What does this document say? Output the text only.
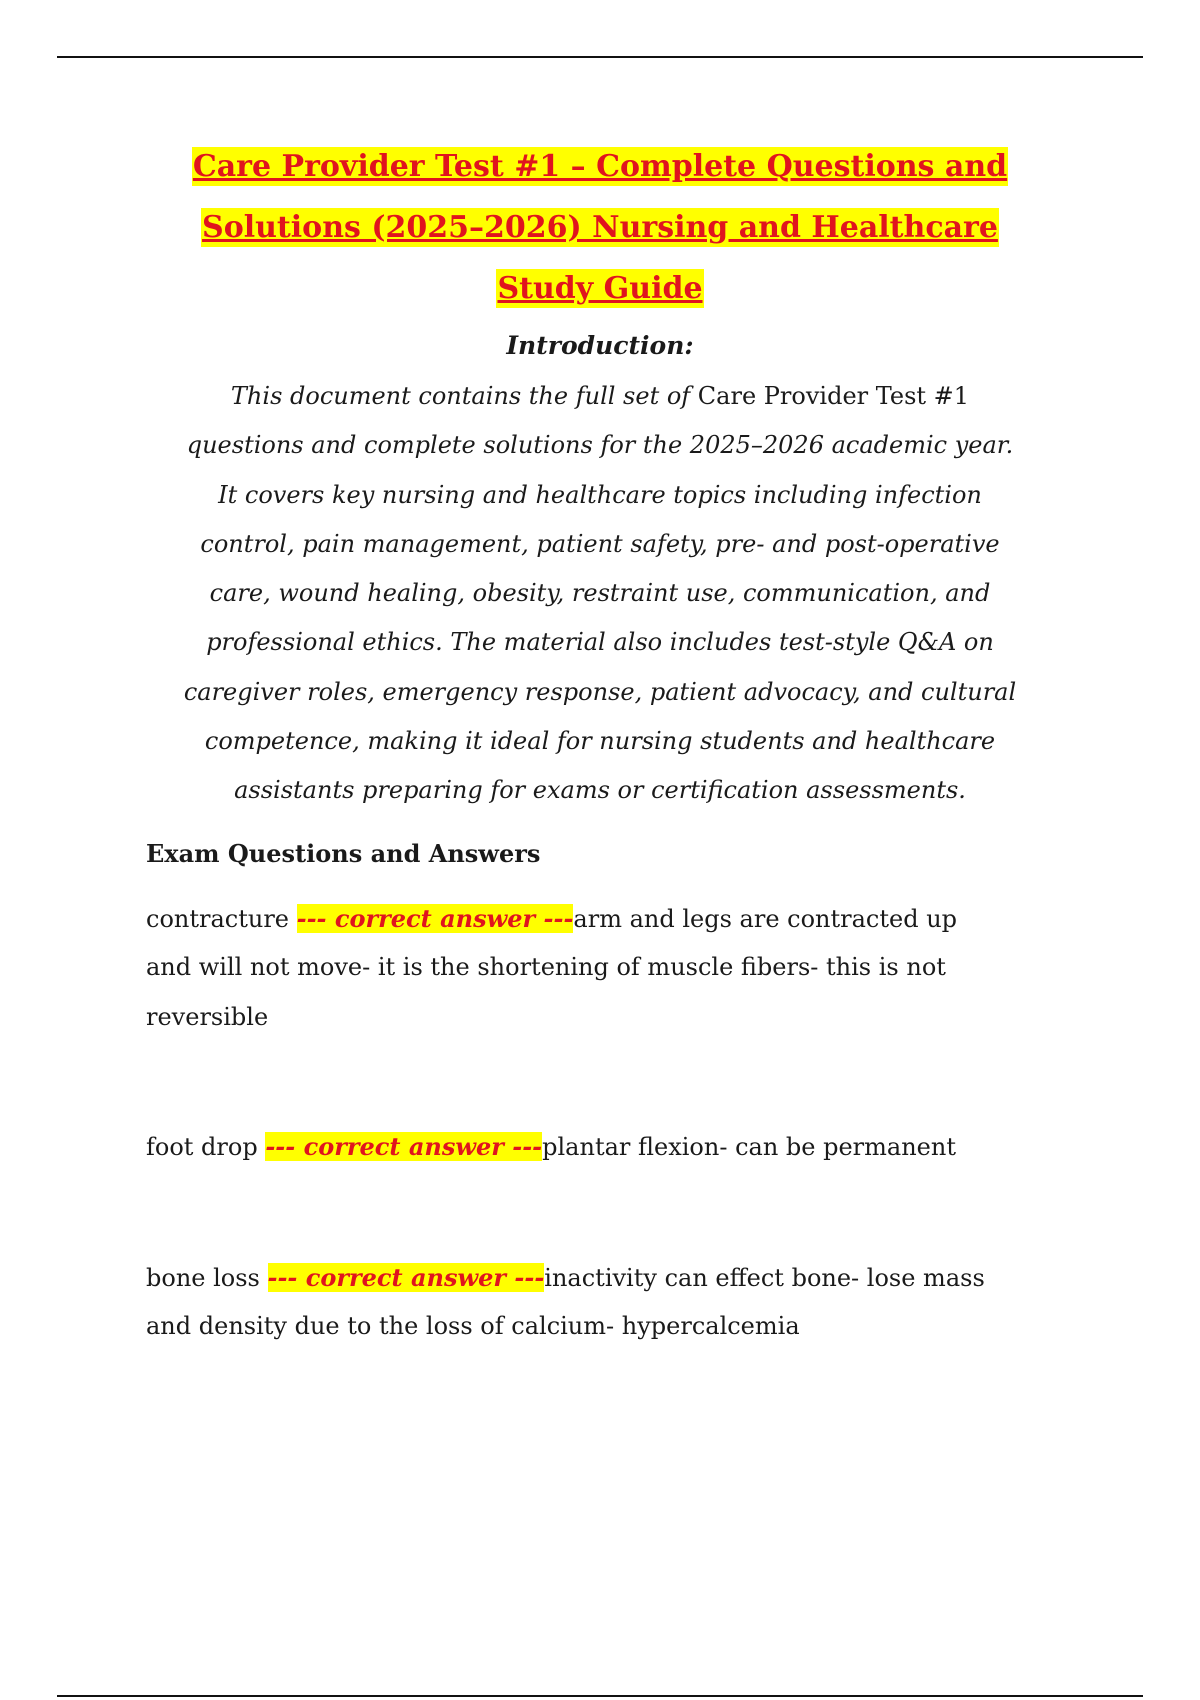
Care Provider Test #1 – Complete Questions and
Solutions (2025–2026) Nursing and Healthcare
Study Guide
Introduction:
This document contains the full set of Care Provider Test #1
questions and complete solutions for the 2025–2026 academic year.
It covers key nursing and healthcare topics including infection
control, pain management, patient safety, pre- and post-operative
care, wound healing, obesity, restraint use, communication, and
professional ethics. The material also includes test-style Q&A on
caregiver roles, emergency response, patient advocacy, and cultural
competence, making it ideal for nursing students and healthcare
assistants preparing for exams or certification assessments.
Exam Questions and Answers
contracture --- correct answer ---arm and legs are contracted up
and will not move- it is the shortening of muscle fibers- this is not
reversible
foot drop --- correct answer ---plantar flexion- can be permanent
bone loss --- correct answer ---inactivity can effect bone- lose mass
and density due to the loss of calcium- hypercalcemia
